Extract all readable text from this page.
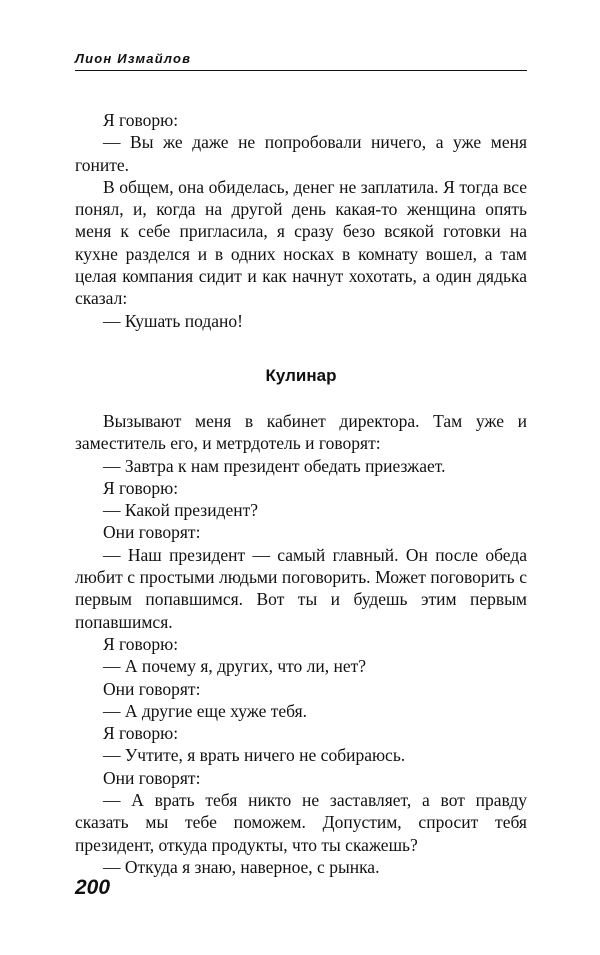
Лион Измайлов

Я говорю:

— Вы же даже не попробовали ничего, а уже меня гоните.

В общем, она обиделась, денег не заплатила. Я тогда все понял, и, когда на другой день какая-то женщина опять меня к себе пригласила, я сразу безо всякой готовки на кухне разделся и в одних носках в комнату вошел, а там целая компания сидит и как начнут хохотать, а один дядька сказал:

— Кушать подано!

Кулинар

Вызывают меня в кабинет директора. Там уже и заместитель его, и метрдотель и говорят:

— Завтра к нам президент обедать приезжает.

Я говорю:

— Какой президент?

Они говорят:

— Наш президент — самый главный. Он после обеда любит с простыми людьми поговорить. Может поговорить с первым попавшимся. Вот ты и будешь этим первым попавшимся.

Я говорю:

— А почему я, других, что ли, нет?

Они говорят:

— А другие еще хуже тебя.

Я говорю:

— Учтите, я врать ничего не собираюсь.

Они говорят:

— А врать тебя никто не заставляет, а вот правду сказать мы тебе поможем. Допустим, спросит тебя президент, откуда продукты, что ты скажешь?

— Откуда я знаю, наверное, с рынка.

200
